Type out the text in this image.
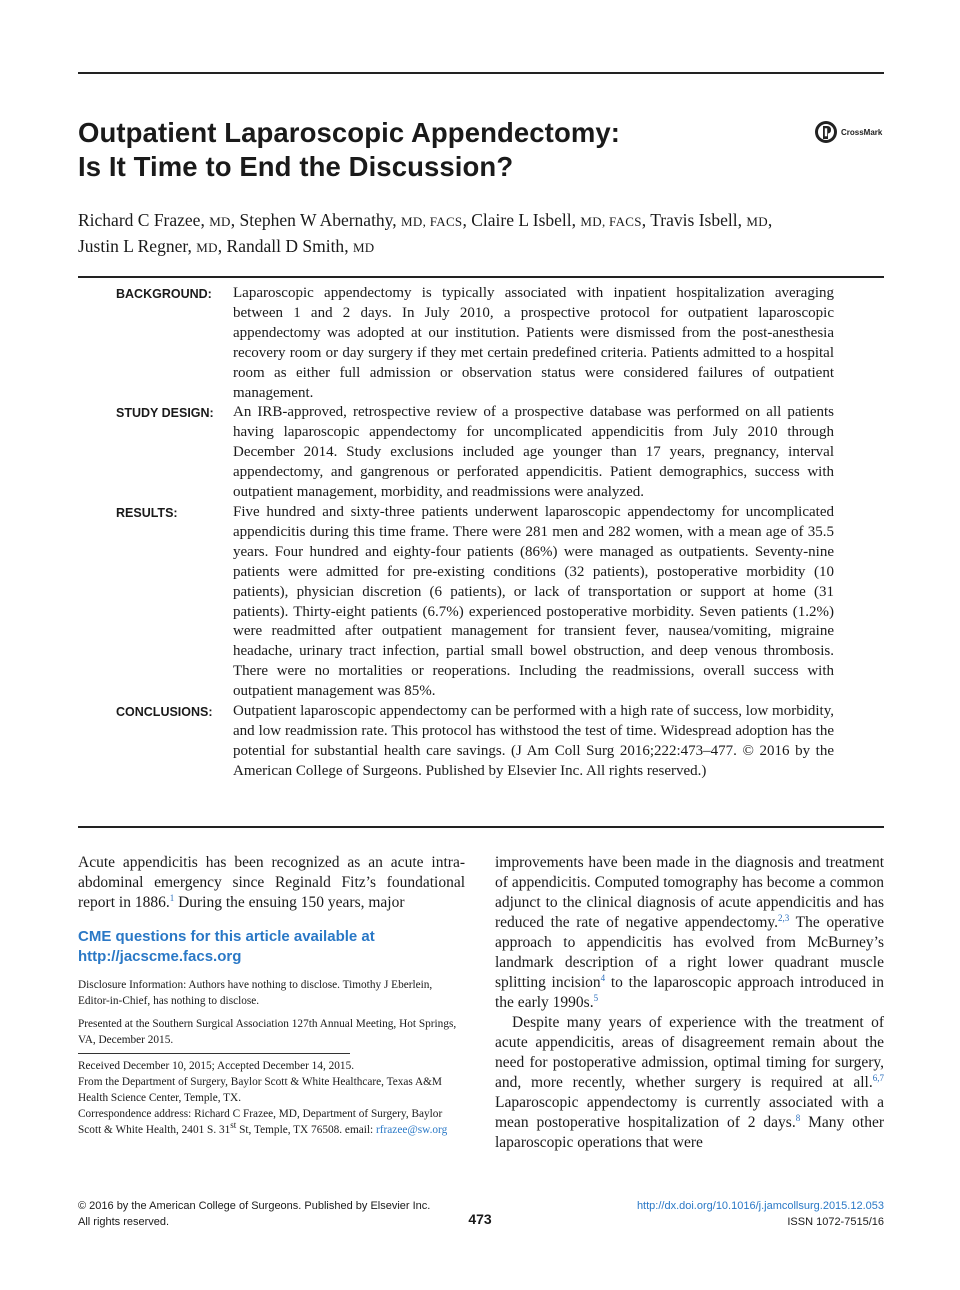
Outpatient Laparoscopic Appendectomy:
Is It Time to End the Discussion?
CrossMark
Richard C Frazee, MD, Stephen W Abernathy, MD, FACS, Claire L Isbell, MD, FACS, Travis Isbell, MD,
Justin L Regner, MD, Randall D Smith, MD
BACKGROUND:	Laparoscopic appendectomy is typically associated with inpatient hospitalization averaging between 1 and 2 days. In July 2010, a prospective protocol for outpatient laparoscopic appendectomy was adopted at our institution. Patients were dismissed from the post-anesthesia recovery room or day surgery if they met certain predefined criteria. Patients admitted to a hospital room as either full admission or observation status were considered failures of outpatient management.
STUDY DESIGN:	An IRB-approved, retrospective review of a prospective database was performed on all patients having laparoscopic appendectomy for uncomplicated appendicitis from July 2010 through December 2014. Study exclusions included age younger than 17 years, pregnancy, interval appendectomy, and gangrenous or perforated appendicitis. Patient demographics, success with outpatient management, morbidity, and readmissions were analyzed.
RESULTS:	Five hundred and sixty-three patients underwent laparoscopic appendectomy for uncomplicated appendicitis during this time frame. There were 281 men and 282 women, with a mean age of 35.5 years. Four hundred and eighty-four patients (86%) were managed as outpatients. Seventy-nine patients were admitted for pre-existing conditions (32 patients), postoperative morbidity (10 patients), physician discretion (6 patients), or lack of transportation or support at home (31 patients). Thirty-eight patients (6.7%) experienced postoperative morbidity. Seven patients (1.2%) were readmitted after outpatient management for transient fever, nausea/vomiting, migraine headache, urinary tract infection, partial small bowel obstruction, and deep venous thrombosis. There were no mortalities or reoperations. Including the readmissions, overall success with outpatient management was 85%.
CONCLUSIONS:	Outpatient laparoscopic appendectomy can be performed with a high rate of success, low morbidity, and low readmission rate. This protocol has withstood the test of time. Widespread adoption has the potential for substantial health care savings. (J Am Coll Surg 2016;222:473–477. © 2016 by the American College of Surgeons. Published by Elsevier Inc. All rights reserved.)

Acute appendicitis has been recognized as an acute intra-abdominal emergency since Reginald Fitz’s foundational report in 1886.$^1$ During the ensuing 150 years, major

CME questions for this article available at
http://jacscme.facs.org

Disclosure Information: Authors have nothing to disclose. Timothy J Eberlein, Editor-in-Chief, has nothing to disclose.

Presented at the Southern Surgical Association 127th Annual Meeting, Hot Springs, VA, December 2015.

Received December 10, 2015; Accepted December 14, 2015.

From the Department of Surgery, Baylor Scott & White Healthcare, Texas A&M Health Science Center, Temple, TX.

Correspondence address: Richard C Frazee, MD, Department of Surgery, Baylor Scott & White Health, 2401 S. 31st St, Temple, TX 76508. email: rfrazee@sw.org

improvements have been made in the diagnosis and treatment of appendicitis. Computed tomography has become a common adjunct to the clinical diagnosis of acute appendicitis and has reduced the rate of negative appendectomy.$^{2,3}$ The operative approach to appendicitis has evolved from McBurney’s landmark description of a right lower quadrant muscle splitting incision$^4$ to the laparoscopic approach introduced in the early 1990s.$^5$

Despite many years of experience with the treatment of acute appendicitis, areas of disagreement remain about the need for postoperative admission, optimal timing for surgery, and, more recently, whether surgery is required at all.$^{6,7}$ Laparoscopic appendectomy is currently associated with a mean postoperative hospitalization of 2 days.$^8$ Many other laparoscopic operations that were

© 2016 by the American College of Surgeons. Published by Elsevier Inc.
All rights reserved.	473
http://dx.doi.org/10.1016/j.jamcollsurg.2015.12.053
ISSN 1072-7515/16
